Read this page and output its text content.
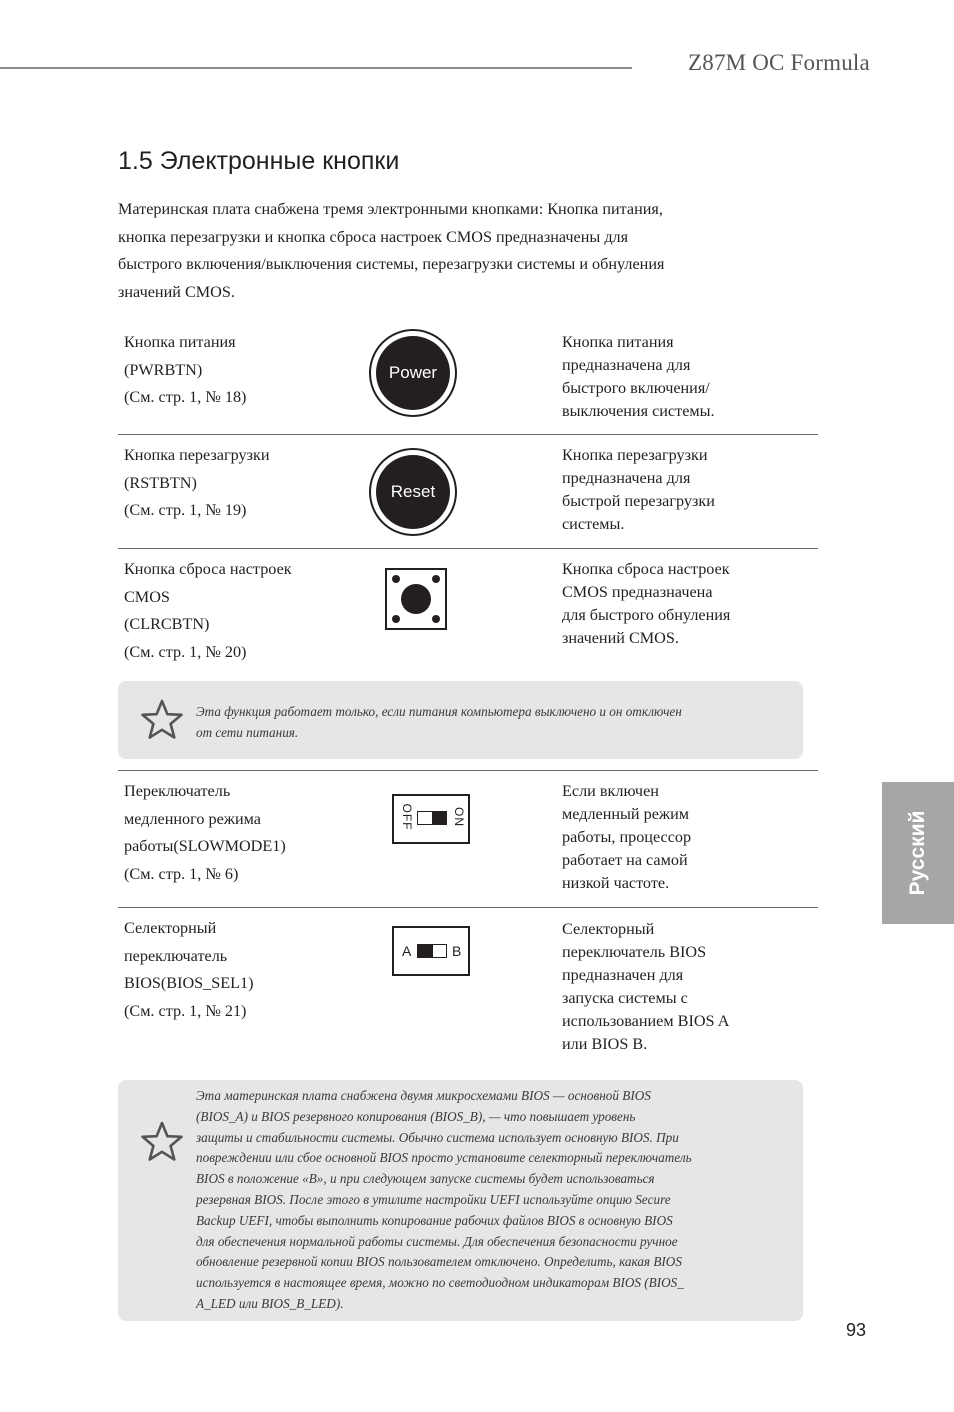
Z87M OC Formula
1.5 Электронные кнопки
Материнская плата снабжена тремя электронными кнопками: Кнопка питания,
кнопка перезагрузки и кнопка сброса настроек CMOS предназначены для
быстрого включения/выключения системы, перезагрузки системы и обнуления
значений CMOS.
Кнопка питания
(PWRBTN)
(См. стр. 1, № 18)
Power
Кнопка питания
предназначена для
быстрого включения/
выключения системы.
Кнопка перезагрузки
(RSTBTN)
(См. стр. 1, № 19)
Reset
Кнопка перезагрузки
предназначена для
быстрой перезагрузки
системы.
Кнопка сброса настроек
CMOS
(CLRCBTN)
(См. стр. 1, № 20)
Кнопка сброса настроек
CMOS предназначена
для быстрого обнуления
значений CMOS.
Эта функция работает только, если питания компьютера выключено и он отключен
от сети питания.
Переключатель
медленного режима
работы(SLOWMODE1)
(См. стр. 1, № 6)
OFF	ON
Если включен
медленный режим
работы, процессор
работает на самой
низкой частоте.
Селекторный
переключатель
BIOS(BIOS_SEL1)
(См. стр. 1, № 21)
A	B
Селекторный
переключатель BIOS
предназначен для
запуска системы с
использованием BIOS A
или BIOS B.
Эта материнская плата снабжена двумя микросхемами BIOS — основной BIOS
(BIOS_A) и BIOS резервного копирования (BIOS_B), — что повышает уровень
защиты и стабильности системы. Обычно система использует основную BIOS. При
повреждении или сбое основной BIOS просто установите селекторный переключатель
BIOS в положение «B», и при следующем запуске системы будет использоваться
резервная BIOS. После этого в утилите настройки UEFI используйте опцию Secure
Backup UEFI, чтобы выполнить копирование рабочих файлов BIOS в основную BIOS
для обеспечения нормальной работы системы. Для обеспечения безопасности ручное
обновление резервной копии BIOS пользователем отключено. Определить, какая BIOS
используется в настоящее время, можно по светодиодном индикаторам BIOS (BIOS_
A_LED или BIOS_B_LED).
Русский
93
